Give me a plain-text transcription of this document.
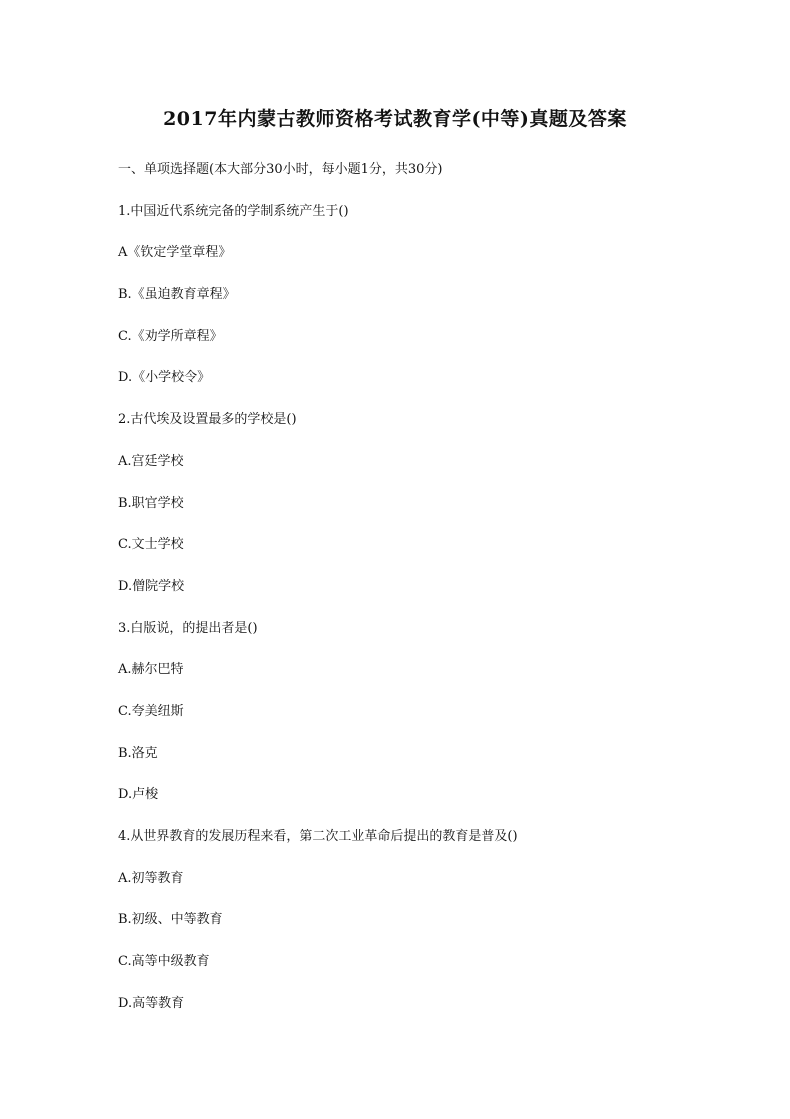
2017年内蒙古教师资格考试教育学(中等)真题及答案
一、单项选择题(本大部分30小时，每小题1分，共30分)
1.中国近代系统完备的学制系统产生于()
A《钦定学堂章程》
B.《虽迫教育章程》
C.《劝学所章程》
D.《小学校令》
2.古代埃及设置最多的学校是()
A.宫廷学校
B.职官学校
C.文士学校
D.僧院学校
3.白版说，的提出者是()
A.赫尔巴特
C.夸美纽斯
B.洛克
D.卢梭
4.从世界教育的发展历程来看，第二次工业革命后提出的教育是普及()
A.初等教育
B.初级、中等教育
C.高等中级教育
D.高等教育
